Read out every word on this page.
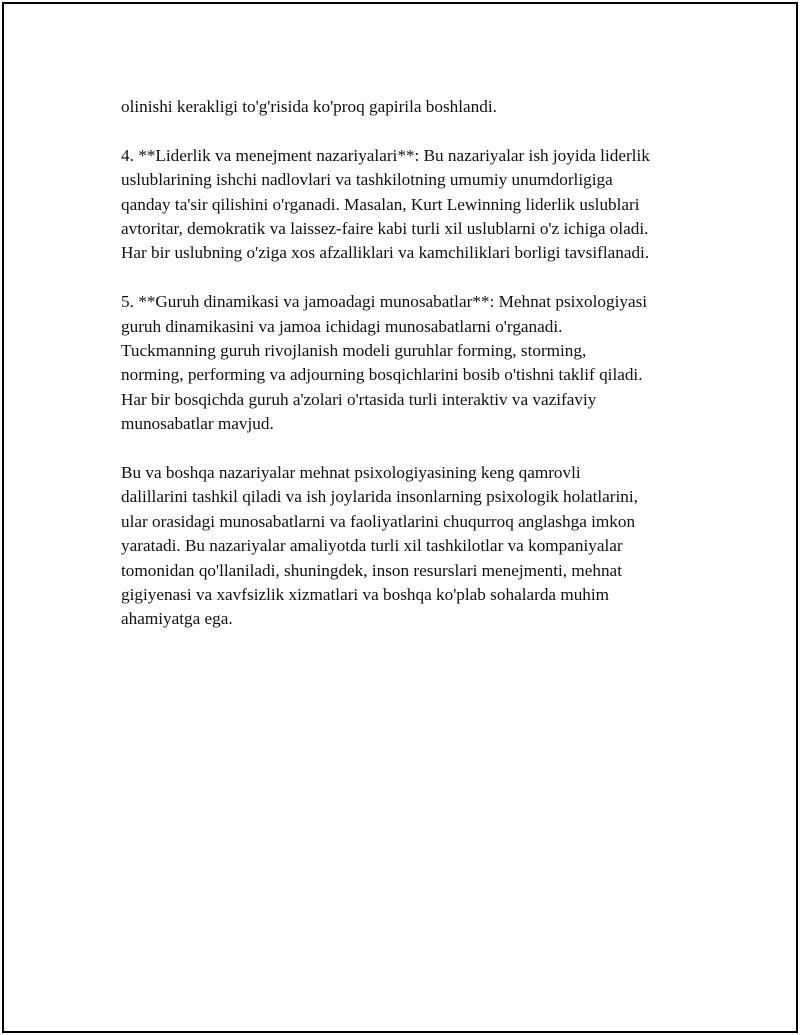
olinishi kerakligi to'g'risida ko'proq gapirila boshlandi.

4. **Liderlik va menejment nazariyalari**: Bu nazariyalar ish joyida liderlik
uslublarining ishchi nadlovlari va tashkilotning umumiy unumdorligiga
qanday ta'sir qilishini o'rganadi. Masalan, Kurt Lewinning liderlik uslublari
avtoritar, demokratik va laissez-faire kabi turli xil uslublarni o'z ichiga oladi.
Har bir uslubning o'ziga xos afzalliklari va kamchiliklari borligi tavsiflanadi.

5. **Guruh dinamikasi va jamoadagi munosabatlar**: Mehnat psixologiyasi
guruh dinamikasini va jamoa ichidagi munosabatlarni o'rganadi.
Tuckmanning guruh rivojlanish modeli guruhlar forming, storming,
norming, performing va adjourning bosqichlarini bosib o'tishni taklif qiladi.
Har bir bosqichda guruh a'zolari o'rtasida turli interaktiv va vazifaviy
munosabatlar mavjud.

Bu va boshqa nazariyalar mehnat psixologiyasining keng qamrovli
dalillarini tashkil qiladi va ish joylarida insonlarning psixologik holatlarini,
ular orasidagi munosabatlarni va faoliyatlarini chuqurroq anglashga imkon
yaratadi. Bu nazariyalar amaliyotda turli xil tashkilotlar va kompaniyalar
tomonidan qo'llaniladi, shuningdek, inson resurslari menejmenti, mehnat
gigiyenasi va xavfsizlik xizmatlari va boshqa ko'plab sohalarda muhim
ahamiyatga ega.
